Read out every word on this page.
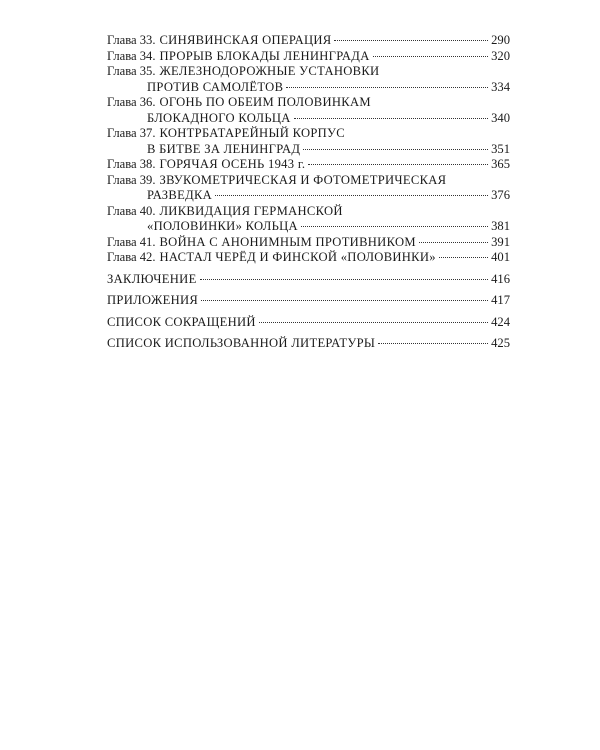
Глава 33. СИНЯВИНСКАЯ ОПЕРАЦИЯ	290
Глава 34. ПРОРЫВ БЛОКАДЫ ЛЕНИНГРАДА	320
Глава 35. ЖЕЛЕЗНОДОРОЖНЫЕ УСТАНОВКИ
ПРОТИВ САМОЛЁТОВ	334
Глава 36. ОГОНЬ ПО ОБЕИМ ПОЛОВИНКАМ
БЛОКАДНОГО КОЛЬЦА	340
Глава 37. КОНТРБАТАРЕЙНЫЙ КОРПУС
В БИТВЕ ЗА ЛЕНИНГРАД	351
Глава 38. ГОРЯЧАЯ ОСЕНЬ 1943 г.	365
Глава 39. ЗВУКОМЕТРИЧЕСКАЯ И ФОТОМЕТРИЧЕСКАЯ
РАЗВЕДКА	376
Глава 40. ЛИКВИДАЦИЯ ГЕРМАНСКОЙ
«ПОЛОВИНКИ» КОЛЬЦА	381
Глава 41. ВОЙНА С АНОНИМНЫМ ПРОТИВНИКОМ	391
Глава 42. НАСТАЛ ЧЕРЁД И ФИНСКОЙ «ПОЛОВИНКИ»	401
ЗАКЛЮЧЕНИЕ	416
ПРИЛОЖЕНИЯ	417
СПИСОК СОКРАЩЕНИЙ	424
СПИСОК ИСПОЛЬЗОВАННОЙ ЛИТЕРАТУРЫ	425
